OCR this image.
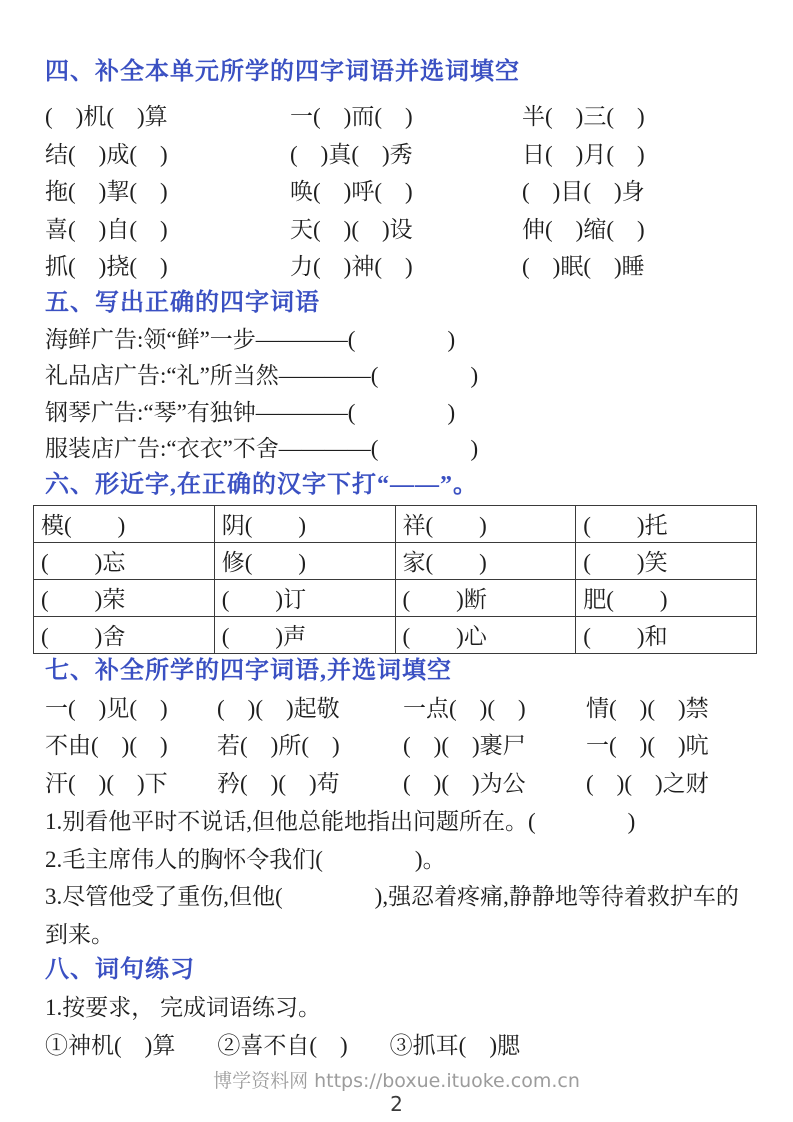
四、补全本单元所学的四字词语并选词填空
(　)机(　)算	一(　)而(　)	半(　)三(　)
结(　)成(　)	(　)真(　)秀	日(　)月(　)
拖(　)挈(　)	唤(　)呼(　)	(　)目(　)身
喜(　)自(　)	天(　)(　)设	伸(　)缩(　)
抓(　)挠(　)	力(　)神(　)	(　)眠(　)睡
五、写出正确的四字词语

海鲜广告:领“鲜”一步————(　　　　)

礼品店广告:“礼”所当然————(　　　　)

钢琴广告:“琴”有独钟————(　　　　)

服装店广告:“衣衣”不舍————(　　　　)

六、形近字,在正确的汉字下打“——”。
模(　　)	阴(　　)	祥(　　)	(　　)托
(　　)忘	修(　　)	家(　　)	(　　)笑
(　　)荣	(　　)订	(　　)断	肥(　　)
(　　)舍	(　　)声	(　　)心	(　　)和
七、补全所学的四字词语,并选词填空
一(　)见(　)	(　)(　)起敬	一点(　)(　)	情(　)(　)禁
不由(　)(　)	若(　)所(　)	(　)(　)裹尸	一(　)(　)吭
汗(　)(　)下	矜(　)(　)苟	(　)(　)为公	(　)(　)之财

1.别看他平时不说话,但他总能地指出问题所在。(　　　　)

2.毛主席伟人的胸怀令我们(　　　　)。

3.尽管他受了重伤,但他(　　　　),强忍着疼痛,静静地等待着救护车的到来。

八、词句练习

1.按要求， 完成词语练习。

①神机(　)算 ②喜不自(　) ③抓耳(　)腮
博学资料网 https://boxue.ituoke.com.cn
2
